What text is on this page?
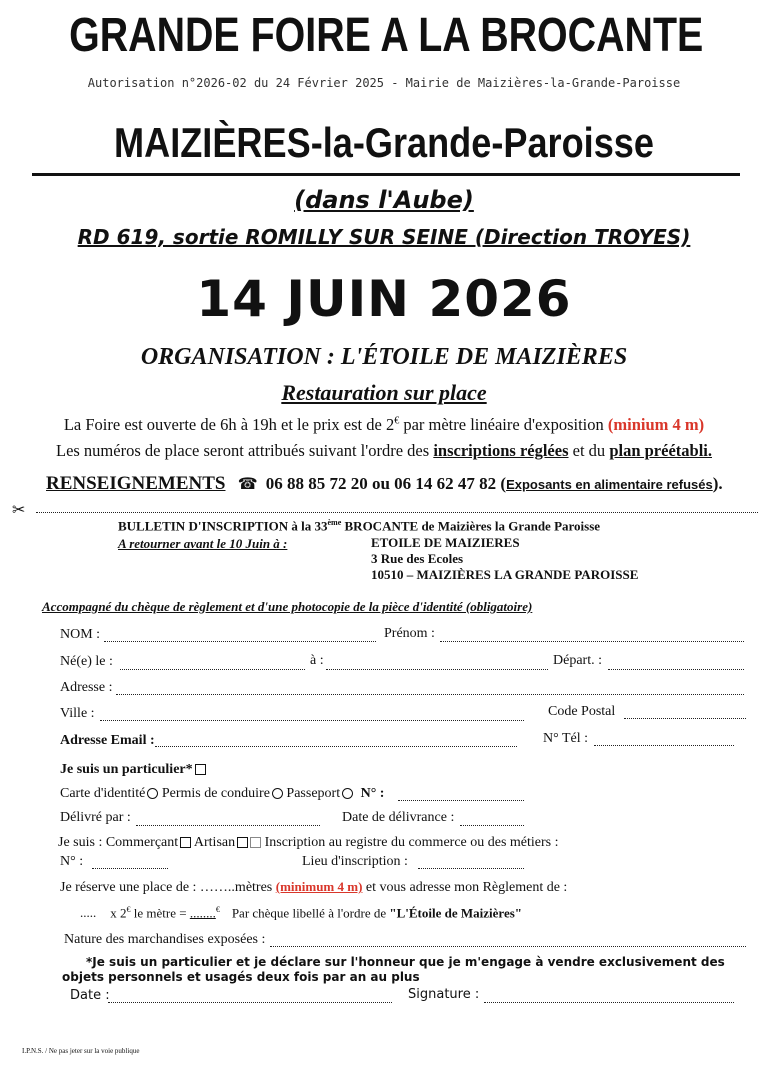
GRANDE FOIRE A LA BROCANTE
Autorisation n°2026-02 du 24 Février 2025 - Mairie de Maizières-la-Grande-Paroisse
MAIZIÈRES-la-Grande-Paroisse
(dans l'Aube)
RD 619, sortie ROMILLY SUR SEINE (Direction TROYES)
14 JUIN 2026
ORGANISATION : L'ÉTOILE DE MAIZIÈRES
Restauration sur place
La Foire est ouverte de 6h à 19h et le prix est de 2€ par mètre linéaire d'exposition (minium 4 m)
Les numéros de place seront attribués suivant l'ordre des inscriptions réglées et du plan préétabli.
RENSEIGNEMENTS ☎ 06 88 85 72 20 ou 06 14 62 47 82 (Exposants en alimentaire refusés).
✂
BULLETIN D'INSCRIPTION à la 33ème BROCANTE de Maizières la Grande Paroisse
A retourner avant le 10 Juin à :	ETOILE DE MAIZIERES
3 Rue des Ecoles
10510 – MAIZIÈRES LA GRANDE PAROISSE
Accompagné du chèque de règlement et d'une photocopie de la pièce d'identité (obligatoire)
NOM :	Prénom :
Né(e) le :	à :	Départ. :
Adresse :
Ville :	Code Postal
Adresse Email :	N° Tél :
Je suis un particulier*
Carte d'identité Permis de conduire Passeport N° :
Délivré par :	Date de délivrance :
Je suis : Commerçant Artisan Inscription au registre du commerce ou des métiers :
N° :	Lieu d'inscription :
Je réserve une place de : ……..mètres (minimum 4 m) et vous adresse mon Règlement de :
..... x 2€ le mètre = ........€ Par chèque libellé à l'ordre de "L'Étoile de Maizières"
Nature des marchandises exposées :
*Je suis un particulier et je déclare sur l'honneur que je m'engage à vendre exclusivement des objets personnels et usagés deux fois par an au plus
Date :	Signature :
I.P.N.S. / Ne pas jeter sur la voie publique
